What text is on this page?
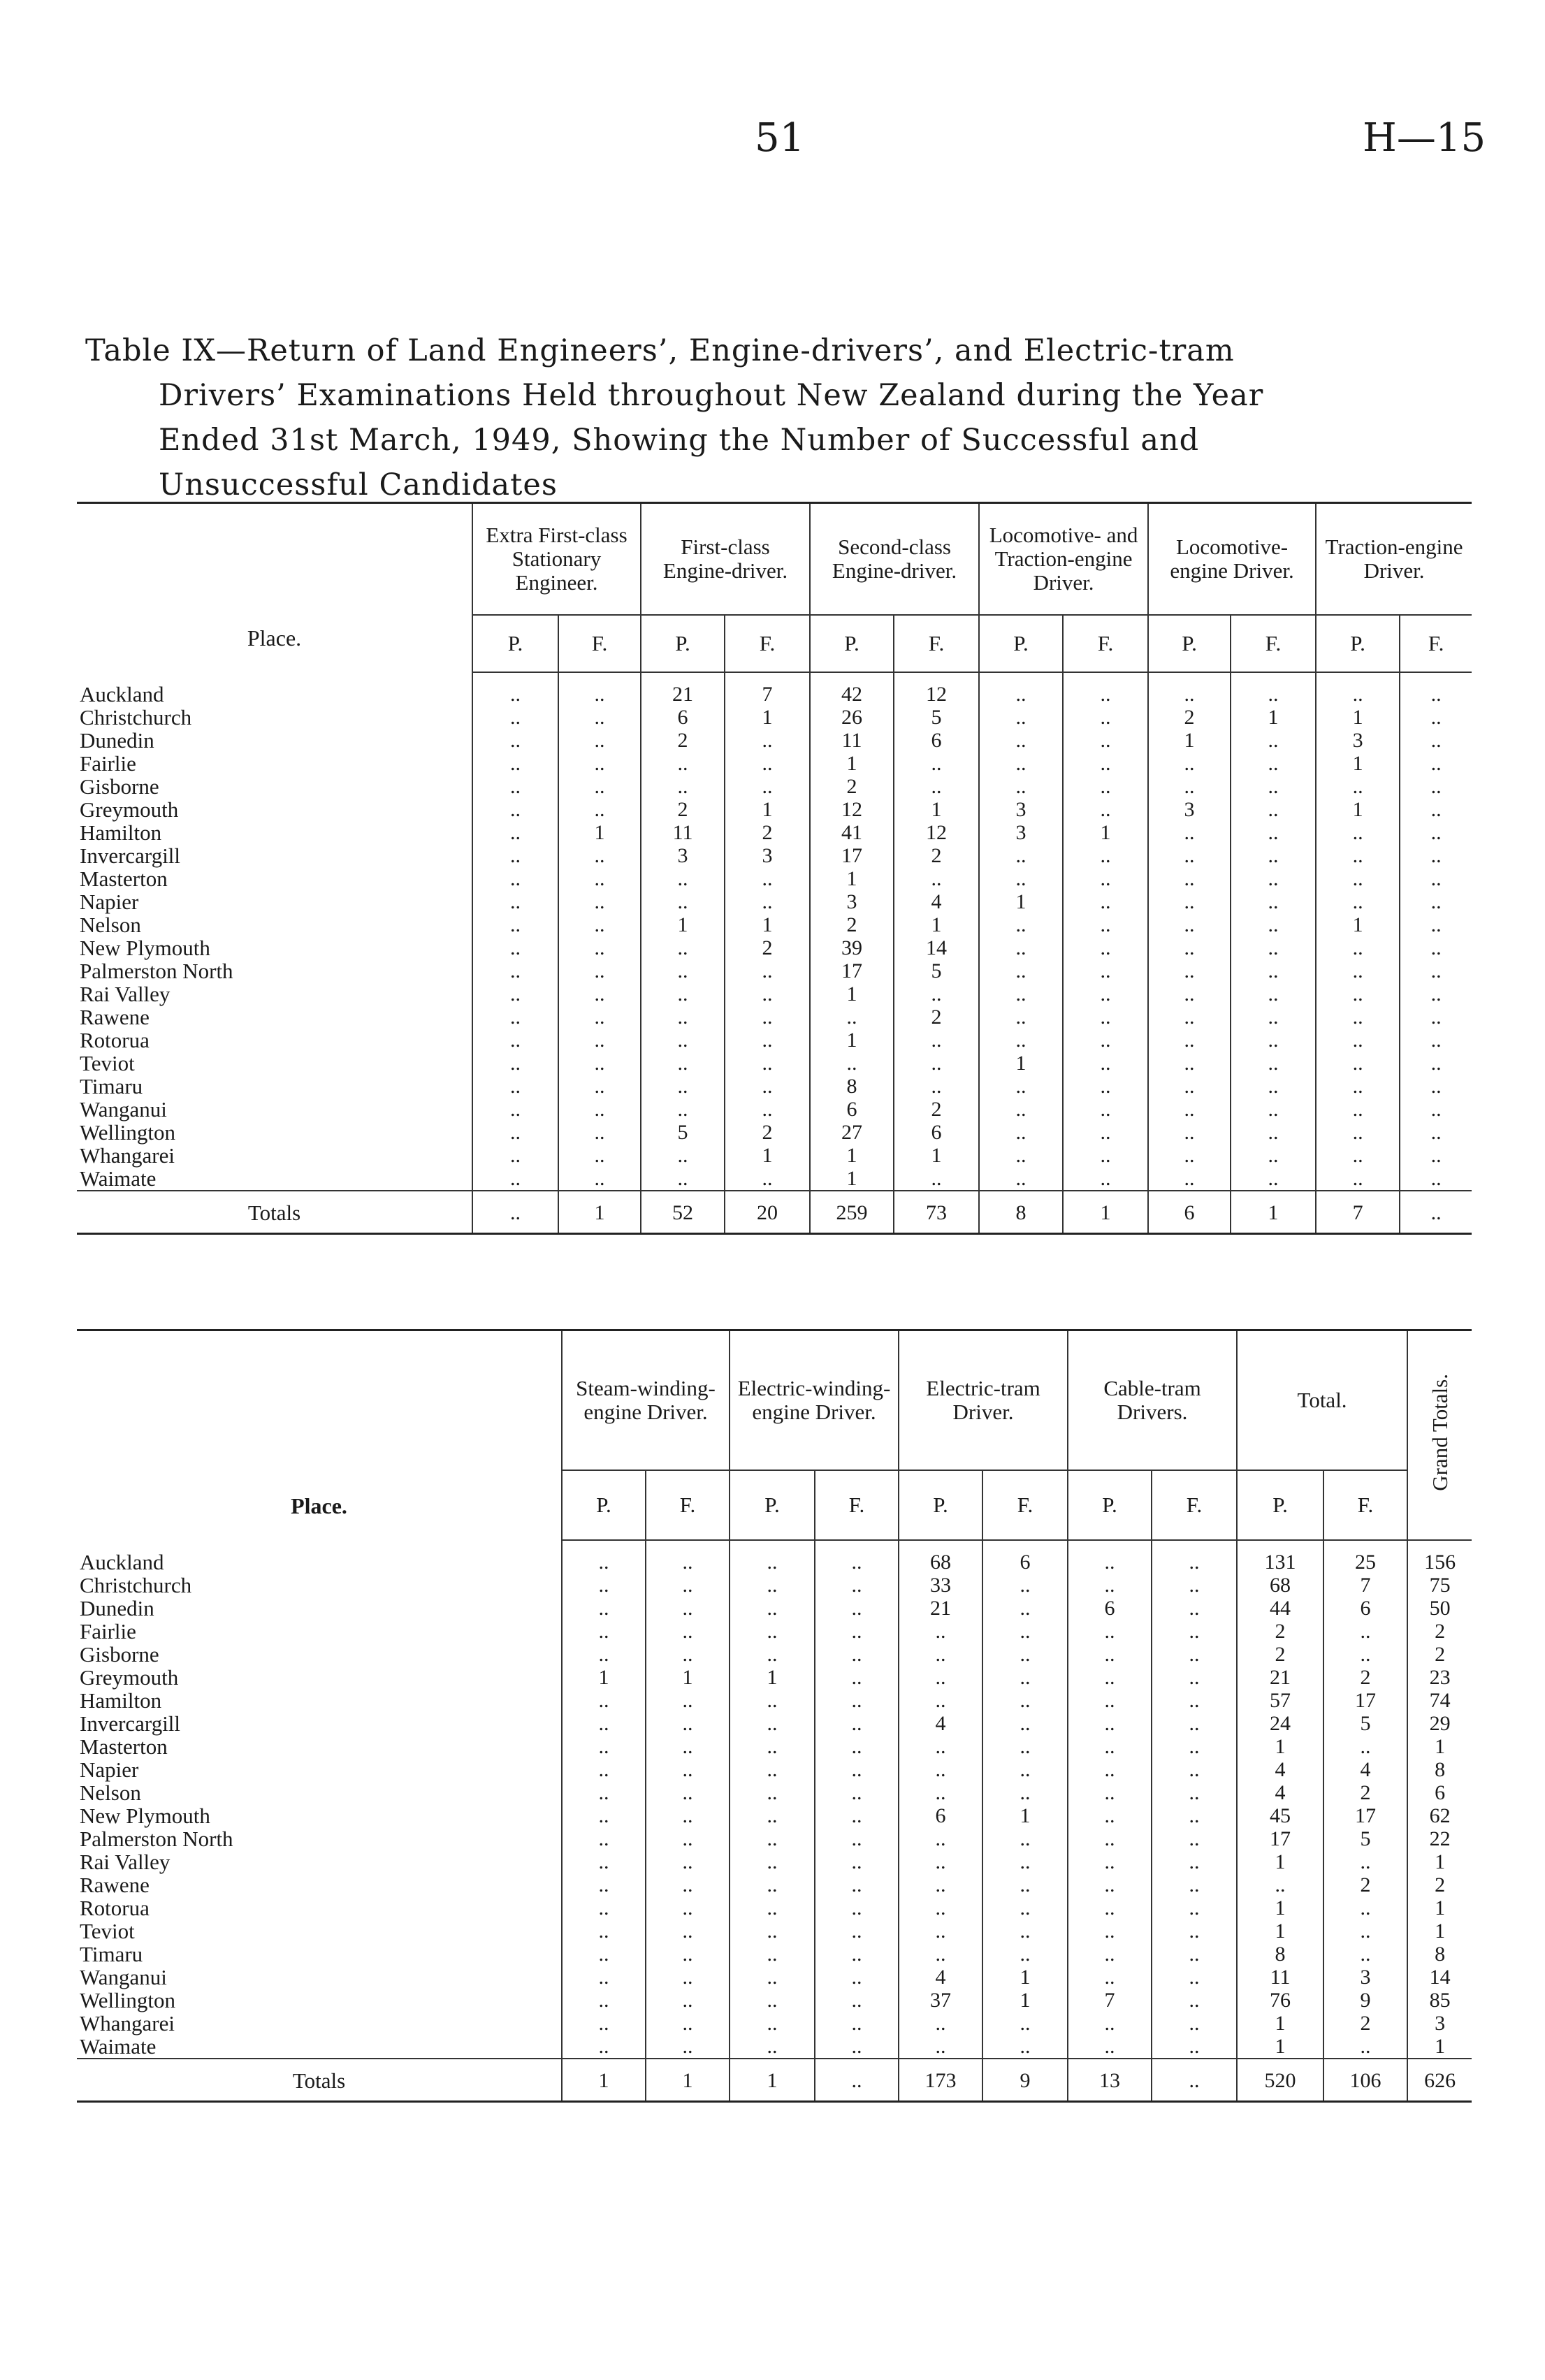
51	H—15
Table IX—Return of Land Engineers’, Engine-drivers’, and Electric-tram
Drivers’ Examinations Held throughout New Zealand during the Year
Ended 31st March, 1949, Showing the Number of Successful and
Unsuccessful Candidates
Place.	Extra First-class Stationary Engineer.		First-class Engine-driver.		Second-class Engine-driver.		Locomotive- and Traction-engine Driver.		Locomotive-engine Driver.		Traction-engine Driver.	
	P.	F.	P.	F.	P.	F.	P.	F.	P.	F.	P.	F.
Auckland	..	..	21	7	42	12	..	..	..	..	..	..
Christchurch	..	..	6	1	26	5	..	..	2	1	1	..
Dunedin	..	..	2	..	11	6	..	..	1	..	3	..
Fairlie	..	..	..	..	1	..	..	..	..	..	1	..
Gisborne	..	..	..	..	2	..	..	..	..	..	..	..
Greymouth	..	..	2	1	12	1	3	..	3	..	1	..
Hamilton	..	1	11	2	41	12	3	1	..	..	..	..
Invercargill	..	..	3	3	17	2	..	..	..	..	..	..
Masterton	..	..	..	..	1	..	..	..	..	..	..	..
Napier	..	..	..	..	3	4	1	..	..	..	..	..
Nelson	..	..	1	1	2	1	..	..	..	..	1	..
New Plymouth	..	..	..	2	39	14	..	..	..	..	..	..
Palmerston North	..	..	..	..	17	5	..	..	..	..	..	..
Rai Valley	..	..	..	..	1	..	..	..	..	..	..	..
Rawene	..	..	..	..	..	2	..	..	..	..	..	..
Rotorua	..	..	..	..	1	..	..	..	..	..	..	..
Teviot	..	..	..	..	..	..	1	..	..	..	..	..
Timaru	..	..	..	..	8	..	..	..	..	..	..	..
Wanganui	..	..	..	..	6	2	..	..	..	..	..	..
Wellington	..	..	5	2	27	6	..	..	..	..	..	..
Whangarei	..	..	..	1	1	1	..	..	..	..	..	..
Waimate	..	..	..	..	1	..	..	..	..	..	..	..
Totals	..	1	52	20	259	73	8	1	6	1	7	..
Place.	Steam-winding-engine Driver.		Electric-winding-engine Driver.		Electric-tram Driver.		Cable-tram Drivers.		Total.		Grand Totals.
	P.	F.	P.	F.	P.	F.	P.	F.	P.	F.	
Auckland	..	..	..	..	68	6	..	..	131	25	156
Christchurch	..	..	..	..	33	..	..	..	68	7	75
Dunedin	..	..	..	..	21	..	6	..	44	6	50
Fairlie	..	..	..	..	..	..	..	..	2	..	2
Gisborne	..	..	..	..	..	..	..	..	2	..	2
Greymouth	1	1	1	..	..	..	..	..	21	2	23
Hamilton	..	..	..	..	..	..	..	..	57	17	74
Invercargill	..	..	..	..	4	..	..	..	24	5	29
Masterton	..	..	..	..	..	..	..	..	1	..	1
Napier	..	..	..	..	..	..	..	..	4	4	8
Nelson	..	..	..	..	..	..	..	..	4	2	6
New Plymouth	..	..	..	..	6	1	..	..	45	17	62
Palmerston North	..	..	..	..	..	..	..	..	17	5	22
Rai Valley	..	..	..	..	..	..	..	..	1	..	1
Rawene	..	..	..	..	..	..	..	..	..	2	2
Rotorua	..	..	..	..	..	..	..	..	1	..	1
Teviot	..	..	..	..	..	..	..	..	1	..	1
Timaru	..	..	..	..	..	..	..	..	8	..	8
Wanganui	..	..	..	..	4	1	..	..	11	3	14
Wellington	..	..	..	..	37	1	7	..	76	9	85
Whangarei	..	..	..	..	..	..	..	..	1	2	3
Waimate	..	..	..	..	..	..	..	..	1	..	1
Totals	1	1	1	..	173	9	13	..	520	106	626
